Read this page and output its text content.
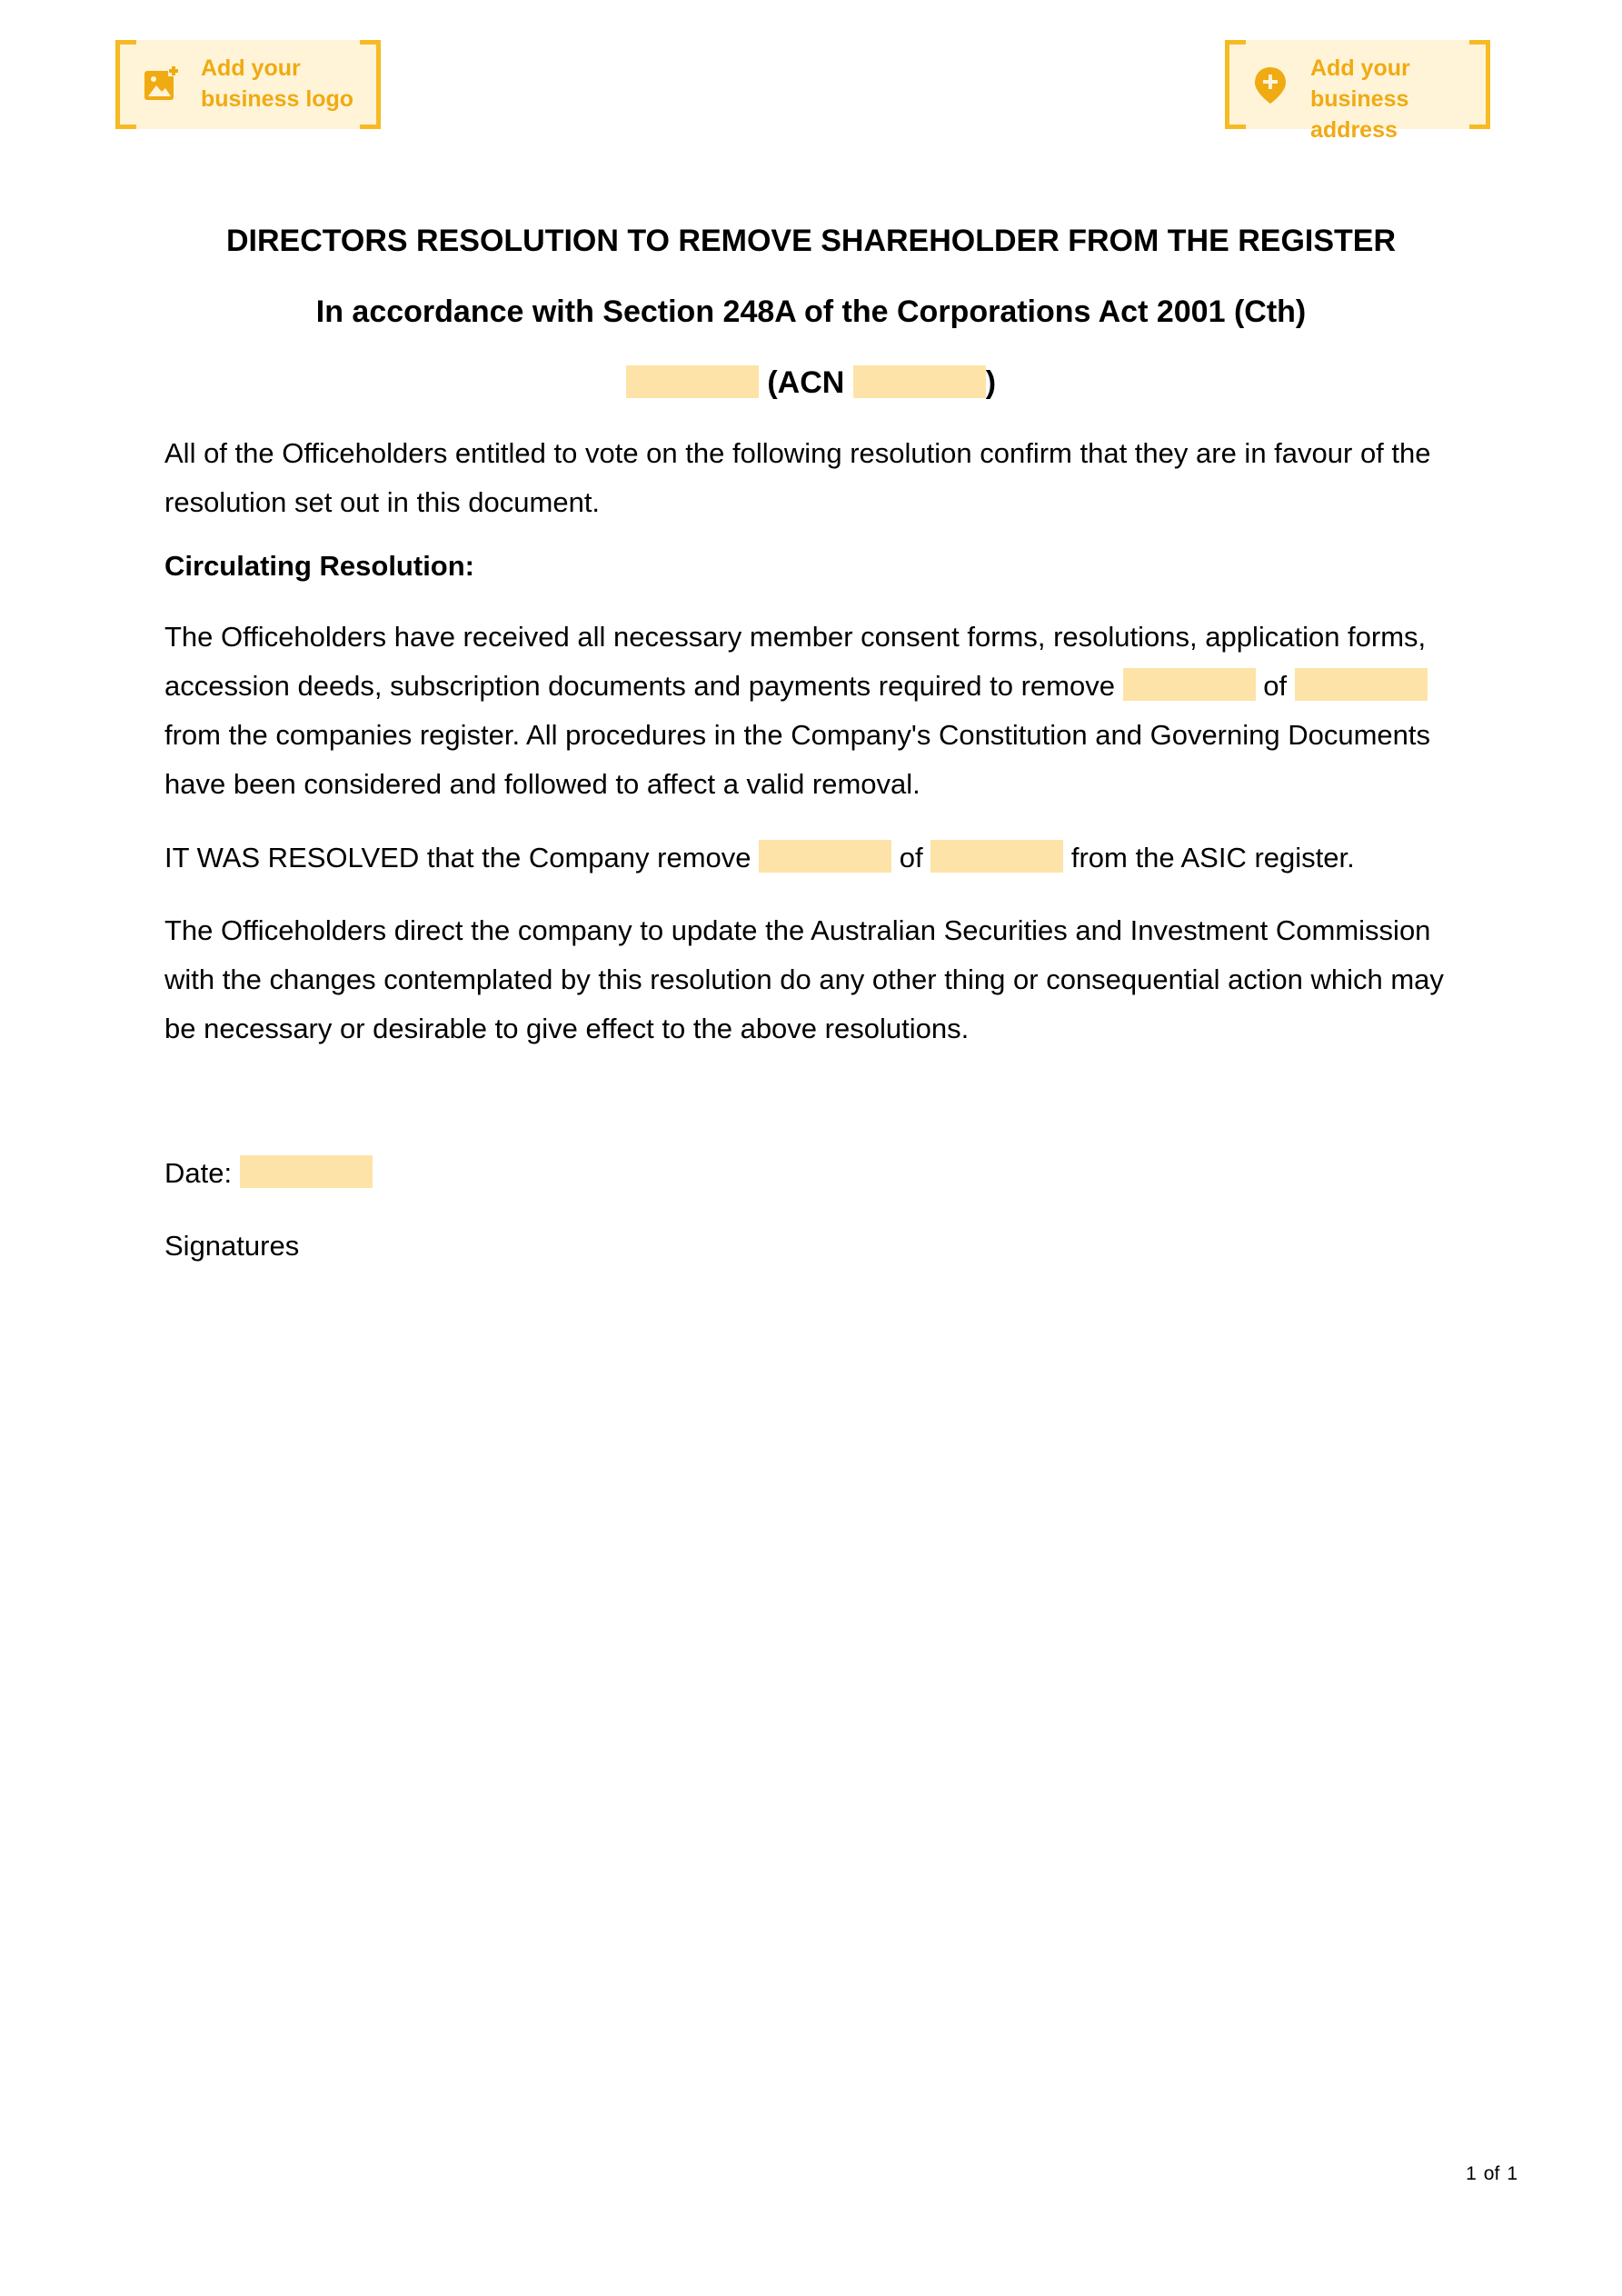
Add your
business logo
Add your
business address
DIRECTORS RESOLUTION TO REMOVE SHAREHOLDER FROM THE REGISTER
In accordance with Section 248A of the Corporations Act 2001 (Cth)
(ACN	)
All of the Officeholders entitled to vote on the following resolution confirm that they are in favour of the resolution set out in this document.
Circulating Resolution:
The Officeholders have received all necessary member consent forms, resolutions, application forms, accession deeds, subscription documents and payments required to remove	of  from the companies register. All procedures in the Company's Constitution and Governing Documents have been considered and followed to affect a valid removal.
IT WAS RESOLVED that the Company remove	of	from the ASIC register.
The Officeholders direct the company to update the Australian Securities and Investment Commission with the changes contemplated by this resolution do any other thing or consequential action which may be necessary or desirable to give effect to the above resolutions.
Date:
Signatures
1 of 1
